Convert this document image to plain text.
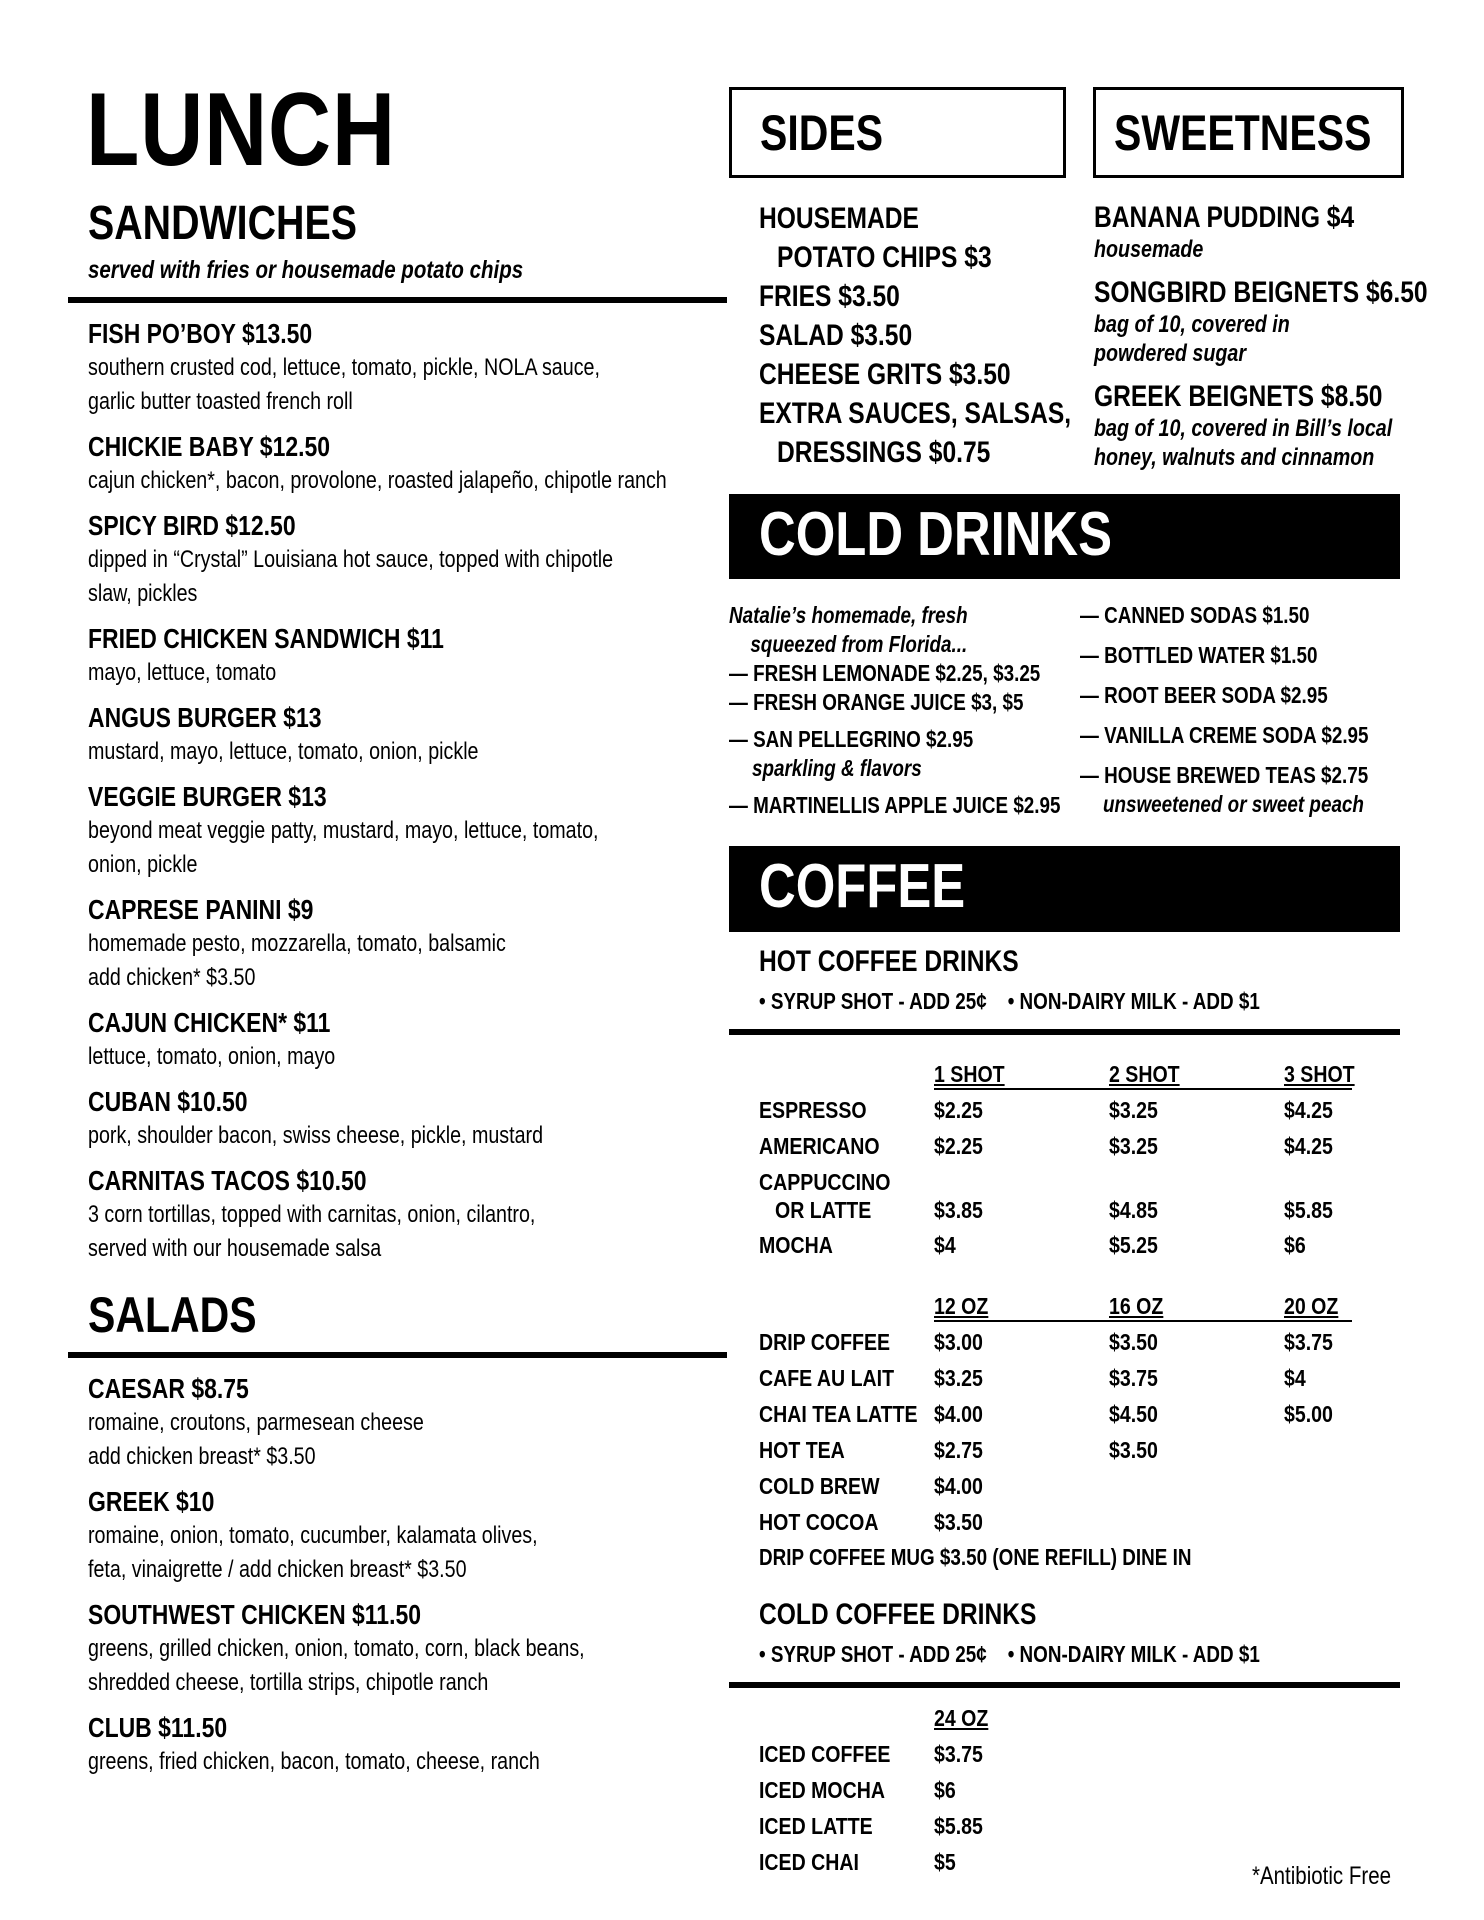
LUNCH
SANDWICHES
served with fries or housemade potato chips
FISH PO’BOY $13.50
southern crusted cod, lettuce, tomato, pickle, NOLA sauce,
garlic butter toasted french roll
CHICKIE BABY $12.50
cajun chicken*, bacon, provolone, roasted jalapeño, chipotle ranch
SPICY BIRD $12.50
dipped in “Crystal” Louisiana hot sauce, topped with chipotle
slaw, pickles
FRIED CHICKEN SANDWICH $11
mayo, lettuce, tomato
ANGUS BURGER $13
mustard, mayo, lettuce, tomato, onion, pickle
VEGGIE BURGER $13
beyond meat veggie patty, mustard, mayo, lettuce, tomato,
onion, pickle
CAPRESE PANINI $9
homemade pesto, mozzarella, tomato, balsamic
add chicken* $3.50
CAJUN CHICKEN* $11
lettuce, tomato, onion, mayo
CUBAN $10.50
pork, shoulder bacon, swiss cheese, pickle, mustard
CARNITAS TACOS $10.50
3 corn tortillas, topped with carnitas, onion, cilantro,
served with our housemade salsa
SALADS
CAESAR $8.75
romaine, croutons, parmesean cheese
add chicken breast* $3.50
GREEK $10
romaine, onion, tomato, cucumber, kalamata olives,
feta, vinaigrette / add chicken breast* $3.50
SOUTHWEST CHICKEN $11.50
greens, grilled chicken, onion, tomato, corn, black beans,
shredded cheese, tortilla strips, chipotle ranch
CLUB $11.50
greens, fried chicken, bacon, tomato, cheese, ranch
SIDES
HOUSEMADE
POTATO CHIPS $3
FRIES $3.50
SALAD $3.50
CHEESE GRITS $3.50
EXTRA SAUCES, SALSAS,
DRESSINGS $0.75
SWEETNESS
BANANA PUDDING $4
housemade
SONGBIRD BEIGNETS $6.50
bag of 10, covered in
powdered sugar
GREEK BEIGNETS $8.50
bag of 10, covered in Bill’s local
honey, walnuts and cinnamon
COLD DRINKS
Natalie’s homemade, fresh
squeezed from Florida...
— FRESH LEMONADE $2.25, $3.25
— FRESH ORANGE JUICE $3, $5
— SAN PELLEGRINO $2.95
sparkling & flavors
— MARTINELLIS APPLE JUICE $2.95
— CANNED SODAS $1.50
— BOTTLED WATER $1.50
— ROOT BEER SODA $2.95
— VANILLA CREME SODA $2.95
— HOUSE BREWED TEAS $2.75
unsweetened or sweet peach
COFFEE
HOT COFFEE DRINKS
• SYRUP SHOT - ADD 25¢    • NON-DAIRY MILK - ADD $1
1 SHOT	2 SHOT	3 SHOT
ESPRESSO	$2.25	$3.25	$4.25
AMERICANO $2.25	$3.25	$4.25
CAPPUCCINO
OR LATTE	$3.85	$4.85	$5.85
MOCHA	$4	$5.25	$6
12 OZ	16 OZ	20 OZ
DRIP COFFEE $3.00	$3.50	$3.75
CAFE AU LAIT $3.25	$3.75	$4
CHAI TEA LATTE $4.00	$4.50	$5.00
HOT TEA	$2.75	$3.50
COLD BREW $4.00
HOT COCOA $3.50
DRIP COFFEE MUG $3.50 (ONE REFILL) DINE IN
COLD COFFEE DRINKS
• SYRUP SHOT - ADD 25¢    • NON-DAIRY MILK - ADD $1
24 OZ
ICED COFFEE $3.75
ICED MOCHA $6
ICED LATTE	$5.85
ICED CHAI	$5	*Antibiotic Free
